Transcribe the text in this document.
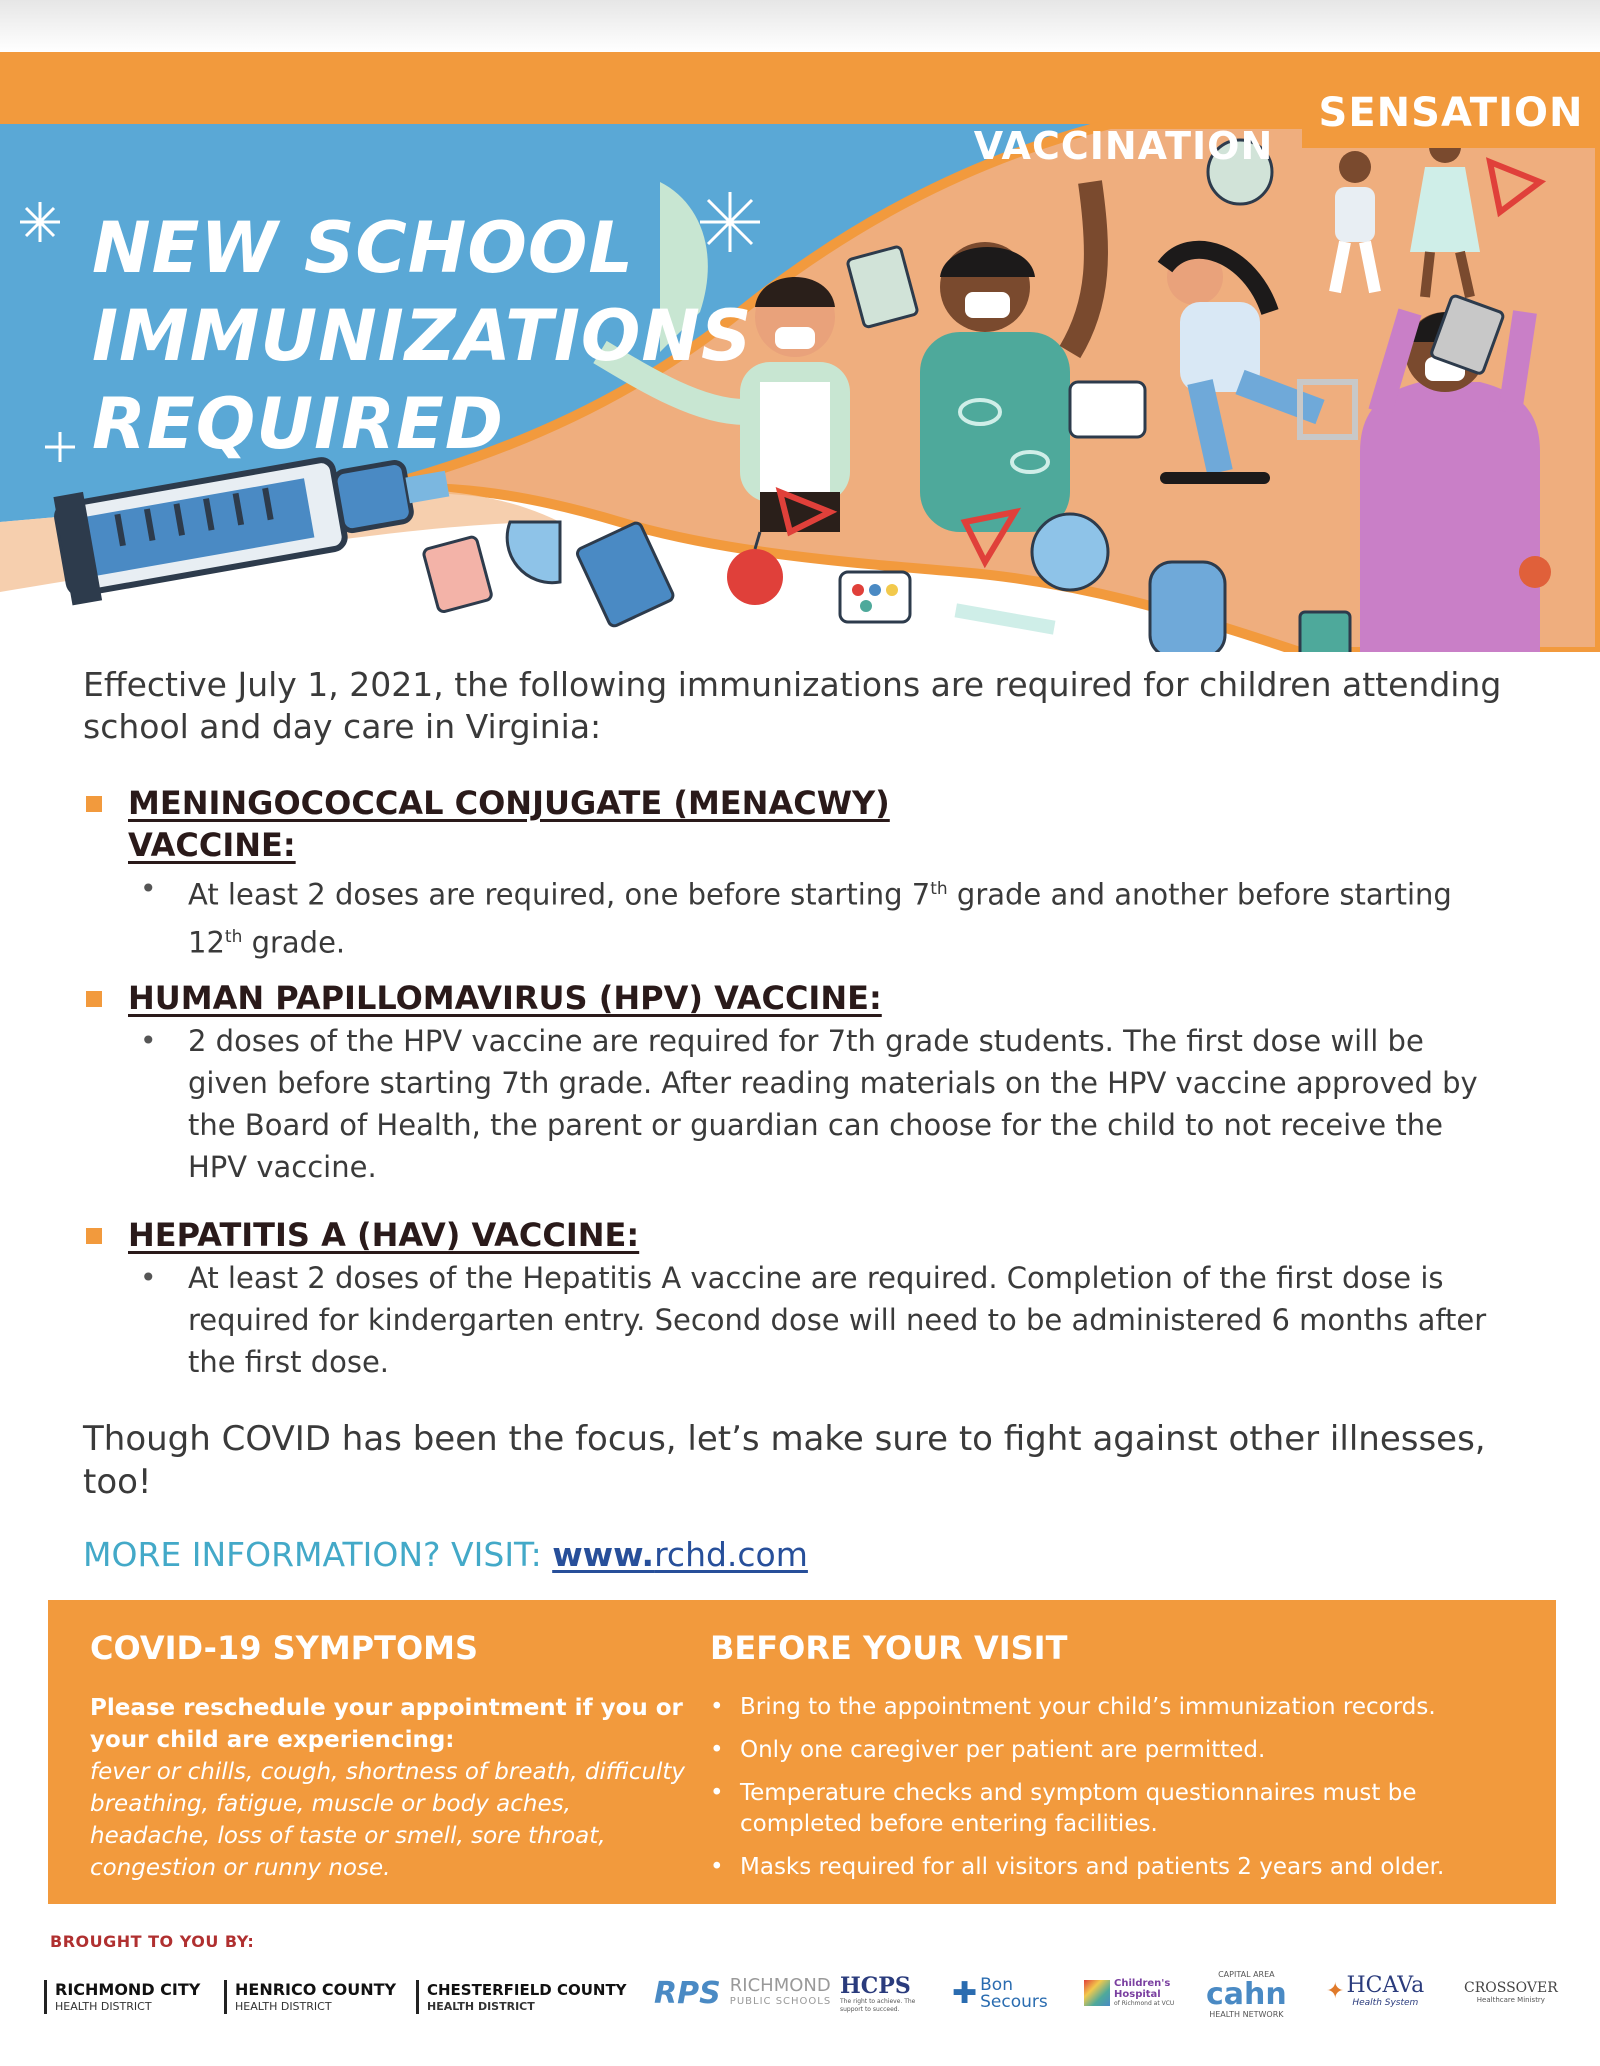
SENSATION
VACCINATION
NEW SCHOOL
IMMUNIZATIONS
REQUIRED

Effective July 1, 2021, the following immunizations are required for children attending school and day care in Virginia:

MENINGOCOCCAL CONJUGATE (MENACWY)
VACCINE:
•	At least 2 doses are required, one before starting 7th grade and another before starting 12th grade.
HUMAN PAPILLOMAVIRUS (HPV) VACCINE:
•	2 doses of the HPV vaccine are required for 7th grade students. The first dose will be given before starting 7th grade. After reading materials on the HPV vaccine approved by the Board of Health, the parent or guardian can choose for the child to not receive the HPV vaccine.
HEPATITIS A (HAV) VACCINE:
•	At least 2 doses of the Hepatitis A vaccine are required. Completion of the first dose is required for kindergarten entry. Second dose will need to be administered 6 months after the first dose.

Though COVID has been the focus, let’s make sure to fight against other illnesses, too!

MORE INFORMATION? VISIT: www.rchd.com
COVID-19 SYMPTOMS
Please reschedule your appointment if you or your child are experiencing:
fever or chills, cough, shortness of breath, difficulty breathing, fatigue, muscle or body aches, headache, loss of taste or smell, sore throat, congestion or runny nose.
BEFORE YOUR VISIT
• Bring to the appointment your child’s immunization records.
• Only one caregiver per patient are permitted.
• Temperature checks and symptom questionnaires must be completed before entering facilities.
• Masks required for all visitors and patients 2 years and older.
BROUGHT TO YOU BY:
RICHMOND CITY
HEALTH DISTRICT
HENRICO COUNTY
HEALTH DISTRICT
CHESTERFIELD COUNTY
HEALTH DISTRICT	RPS RICHMOND
PUBLIC SCHOOLS
HCPS
The right to achieve. The support to succeed.	✚ Bon
Secours
Children's
Hospital
of Richmond at VCU
CAPITAL AREA
cahn
HEALTH NETWORK
✦ HCAVa
Health System
CROSSOVER
Healthcare Ministry
